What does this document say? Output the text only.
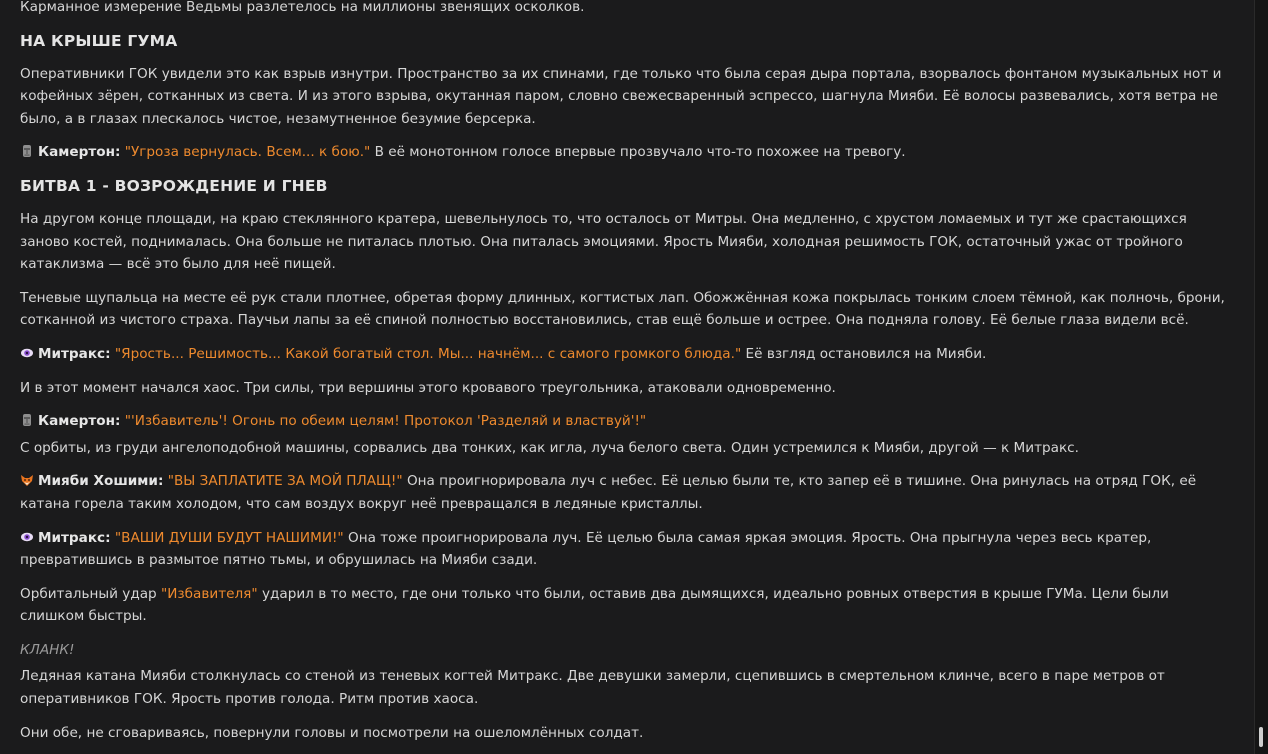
Карманное измерение Ведьмы разлетелось на миллионы звенящих осколков.

НА КРЫШЕ ГУМА

Оперативники ГОК увидели это как взрыв изнутри. Пространство за их спинами, где только что была серая дыра портала, взорвалось фонтаном музыкальных нот и кофейных зёрен, сотканных из света. И из этого взрыва, окутанная паром, словно свежесваренный эспрессо, шагнула Мияби. Её волосы развевались, хотя ветра не было, а в глазах плескалось чистое, незамутненное безумие берсерка.

Камертон: "Угроза вернулась. Всем... к бою." В её монотонном голосе впервые прозвучало что-то похожее на тревогу.

БИТВА 1 - ВОЗРОЖДЕНИЕ И ГНЕВ

На другом конце площади, на краю стеклянного кратера, шевельнулось то, что осталось от Митры. Она медленно, с хрустом ломаемых и тут же срастающихся заново костей, поднималась. Она больше не питалась плотью. Она питалась эмоциями. Ярость Мияби, холодная решимость ГОК, остаточный ужас от тройного катаклизма — всё это было для неё пищей.

Теневые щупальца на месте её рук стали плотнее, обретая форму длинных, когтистых лап. Обожжённая кожа покрылась тонким слоем тёмной, как полночь, брони, сотканной из чистого страха. Паучьи лапы за её спиной полностью восстановились, став ещё больше и острее. Она подняла голову. Её белые глаза видели всё.

Митракс: "Ярость... Решимость... Какой богатый стол. Мы... начнём... с самого громкого блюда." Её взгляд остановился на Мияби.

И в этот момент начался хаос. Три силы, три вершины этого кровавого треугольника, атаковали одновременно.

Камертон: "'Избавитель'! Огонь по обеим целям! Протокол 'Разделяй и властвуй'!"

С орбиты, из груди ангелоподобной машины, сорвались два тонких, как игла, луча белого света. Один устремился к Мияби, другой — к Митракс.

Мияби Хошими: "ВЫ ЗАПЛАТИТЕ ЗА МОЙ ПЛАЩ!" Она проигнорировала луч с небес. Её целью были те, кто запер её в тишине. Она ринулась на отряд ГОК, её катана горела таким холодом, что сам воздух вокруг неё превращался в ледяные кристаллы.

Митракс: "ВАШИ ДУШИ БУДУТ НАШИМИ!" Она тоже проигнорировала луч. Её целью была самая яркая эмоция. Ярость. Она прыгнула через весь кратер, превратившись в размытое пятно тьмы, и обрушилась на Мияби сзади.

Орбитальный удар "Избавителя" ударил в то место, где они только что были, оставив два дымящихся, идеально ровных отверстия в крыше ГУМа. Цели были слишком быстры.

КЛАНК!

Ледяная катана Мияби столкнулась со стеной из теневых когтей Митракс. Две девушки замерли, сцепившись в смертельном клинче, всего в паре метров от оперативников ГОК. Ярость против голода. Ритм против хаоса.

Они обе, не сговариваясь, повернули головы и посмотрели на ошеломлённых солдат.
